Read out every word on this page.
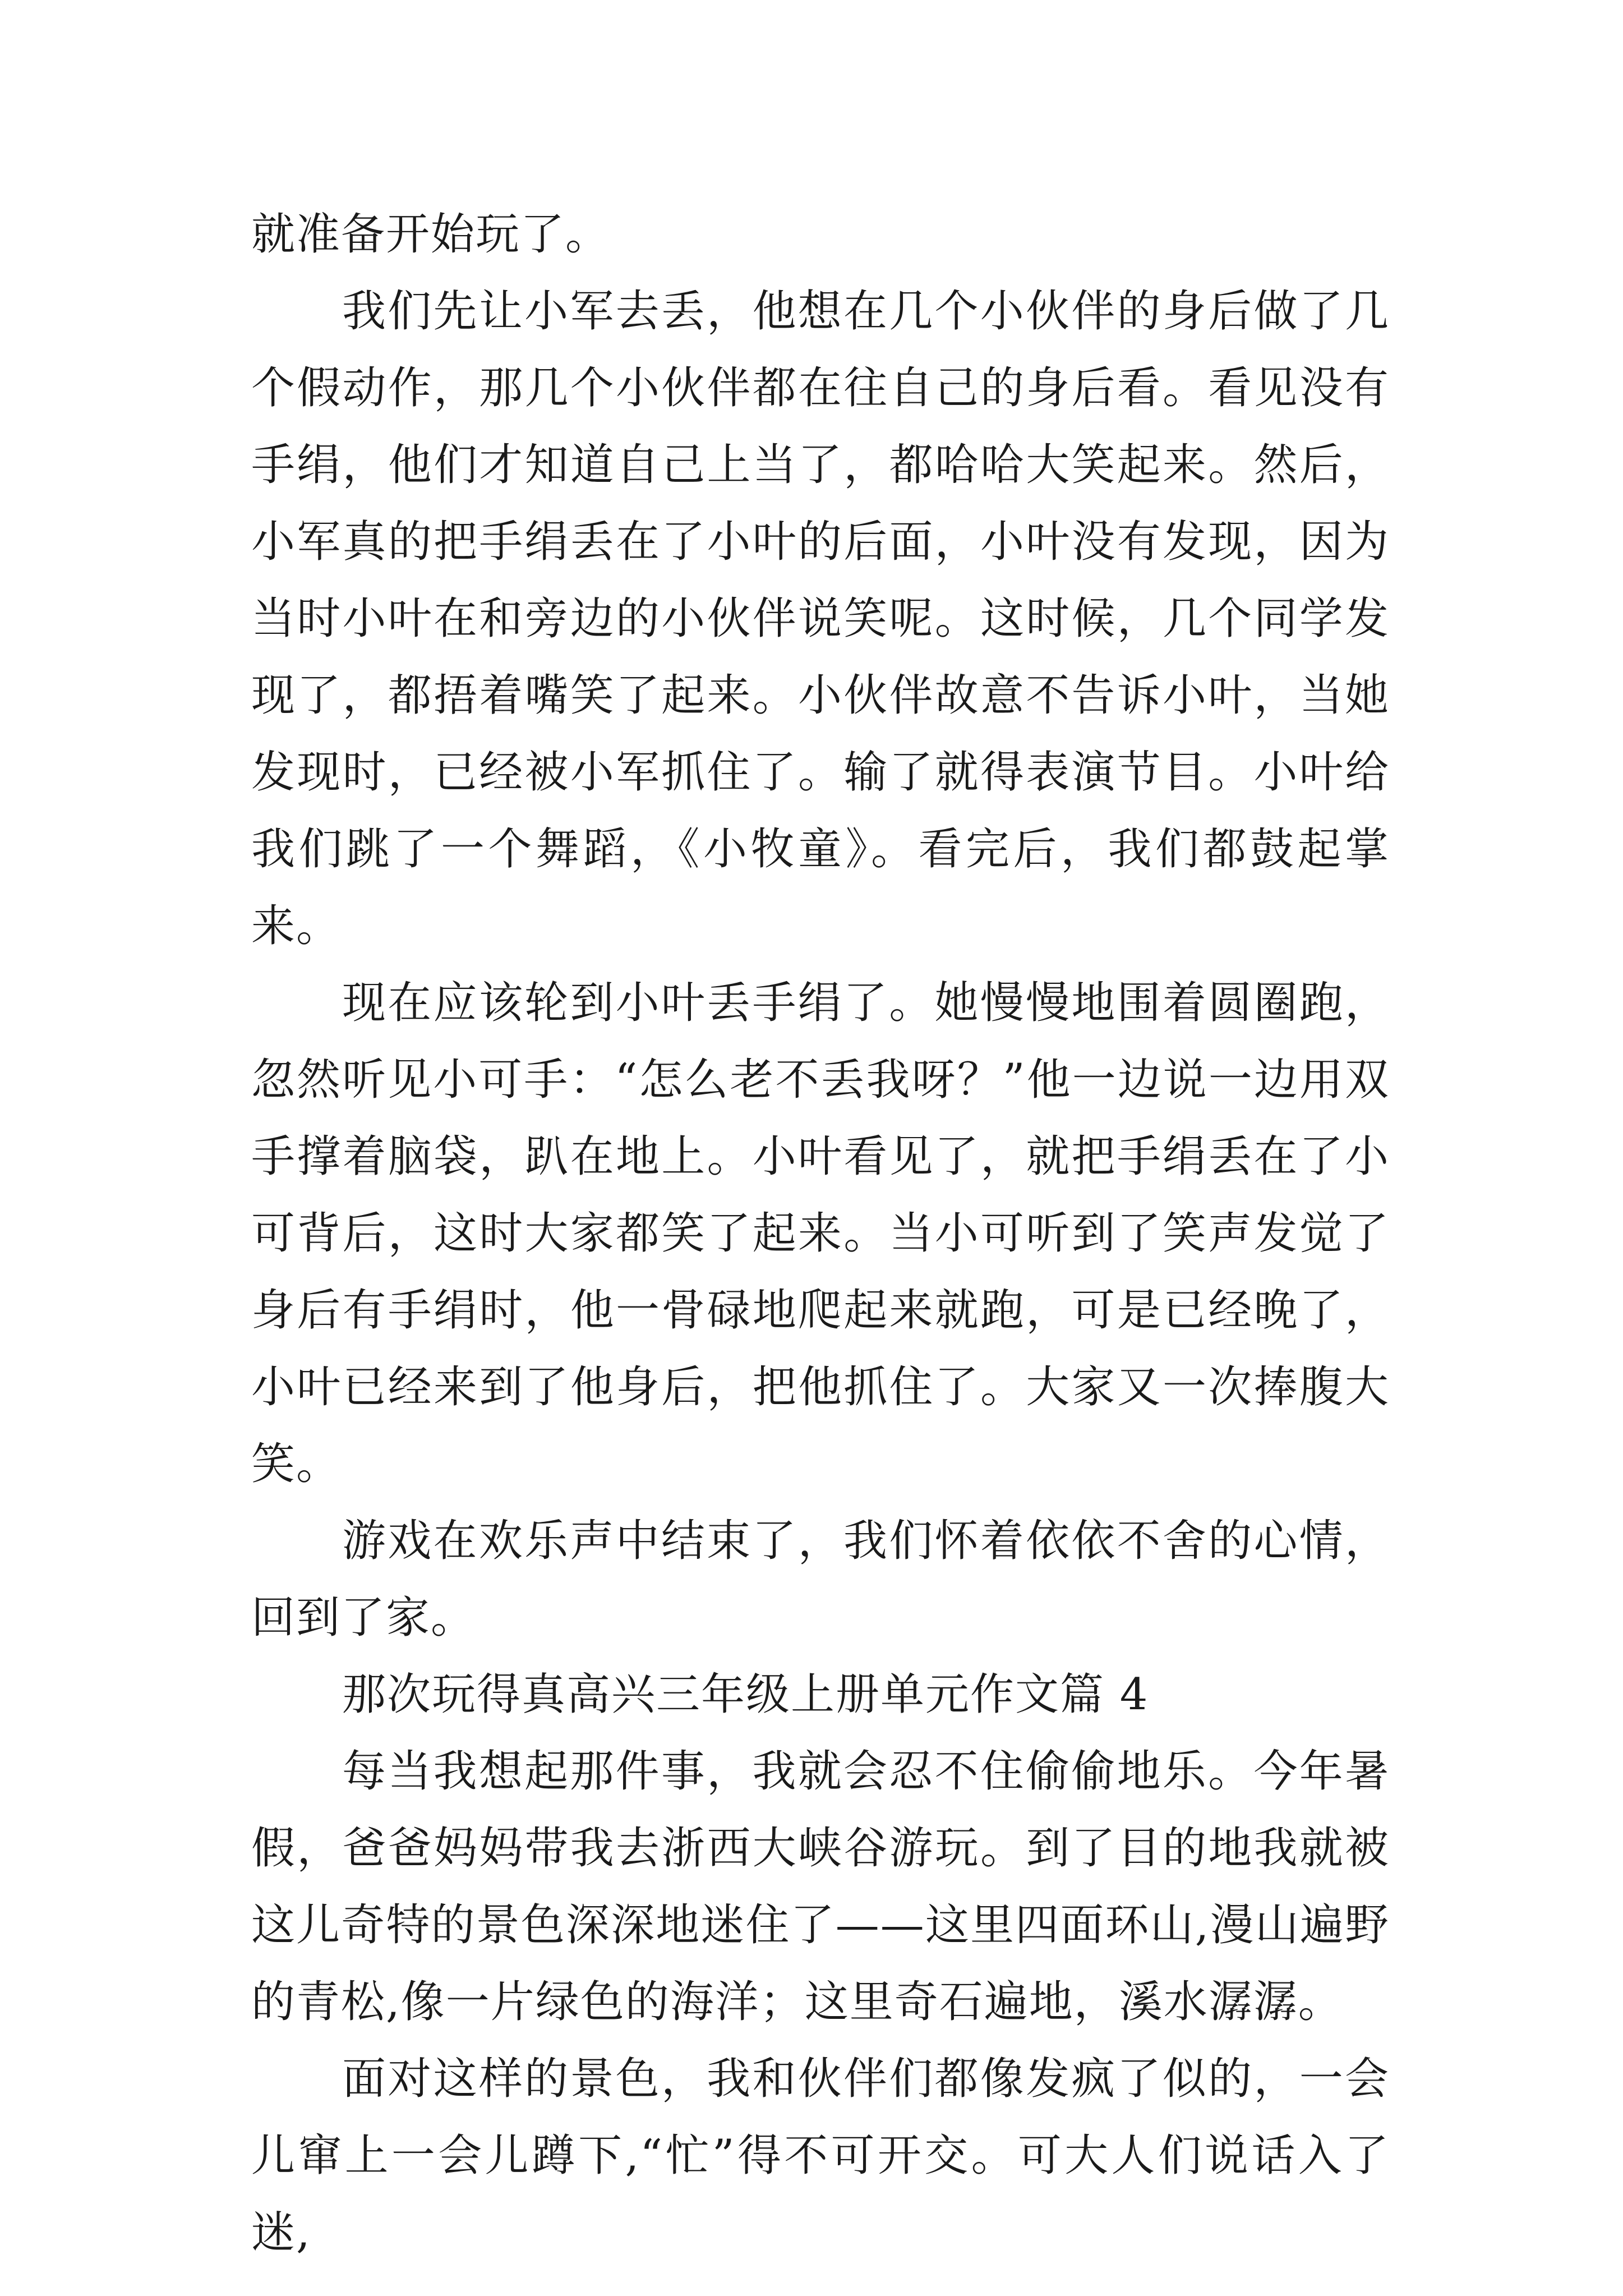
就准备开始玩了。

我们先让小军去丢，他想在几个小伙伴的身后做了几个假动作，那几个小伙伴都在往自己的身后看。看见没有手绢，他们才知道自己上当了，都哈哈大笑起来。然后，小军真的把手绢丢在了小叶的后面，小叶没有发现，因为当时小叶在和旁边的小伙伴说笑呢。这时候，几个同学发现了，都捂着嘴笑了起来。小伙伴故意不告诉小叶，当她发现时，已经被小军抓住了。输了就得表演节目。小叶给我们跳了一个舞蹈，《小牧童》。看完后，我们都鼓起掌来。

现在应该轮到小叶丢手绢了。她慢慢地围着圆圈跑，忽然听见小可手：“怎么老不丢我呀？”他一边说一边用双手撑着脑袋，趴在地上。小叶看见了，就把手绢丢在了小可背后，这时大家都笑了起来。当小可听到了笑声发觉了身后有手绢时，他一骨碌地爬起来就跑，可是已经晚了，小叶已经来到了他身后，把他抓住了。大家又一次捧腹大笑。

游戏在欢乐声中结束了，我们怀着依依不舍的心情，回到了家。

那次玩得真高兴三年级上册单元作文篇 4

每当我想起那件事，我就会忍不住偷偷地乐。今年暑假，爸爸妈妈带我去浙西大峡谷游玩。到了目的地我就被这儿奇特的景色深深地迷住了——这里四面环山,漫山遍野的青松,像一片绿色的海洋；这里奇石遍地，溪水潺潺。

面对这样的景色，我和伙伴们都像发疯了似的，一会儿窜上一会儿蹲下,“忙”得不可开交。可大人们说话入了迷,
